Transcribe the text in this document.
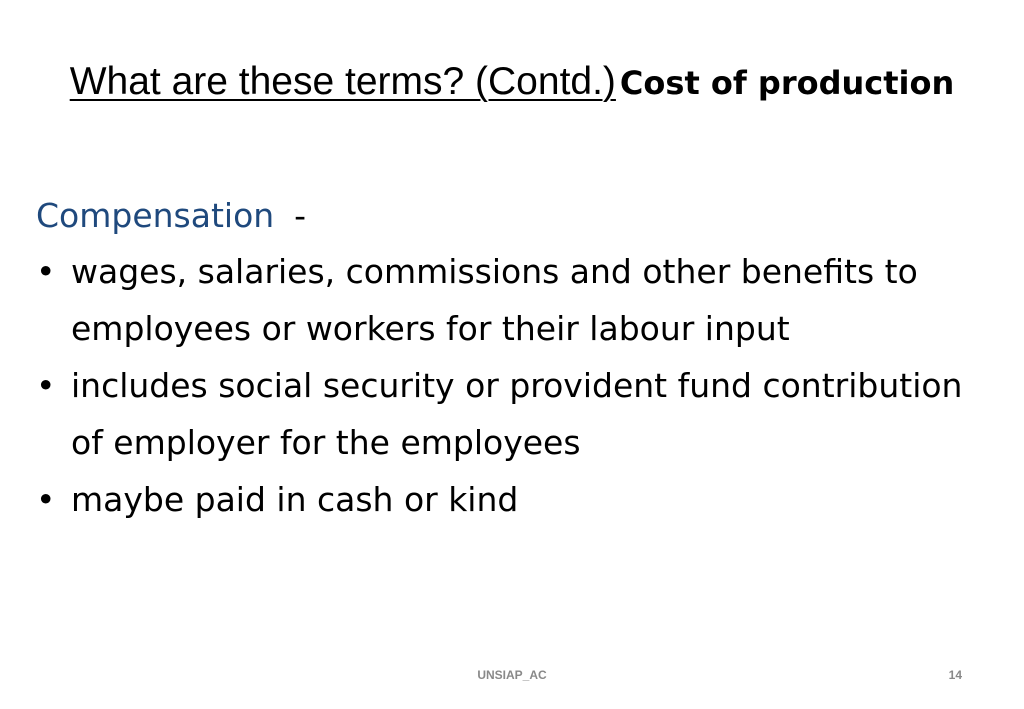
What are these terms? (Contd.) Cost of production

Compensation -

• wages, salaries, commissions and other benefits to employees or workers for their labour input
• includes social security or provident fund contribution of employer for the employees
• maybe paid in cash or kind
UNSIAP_AC	14
